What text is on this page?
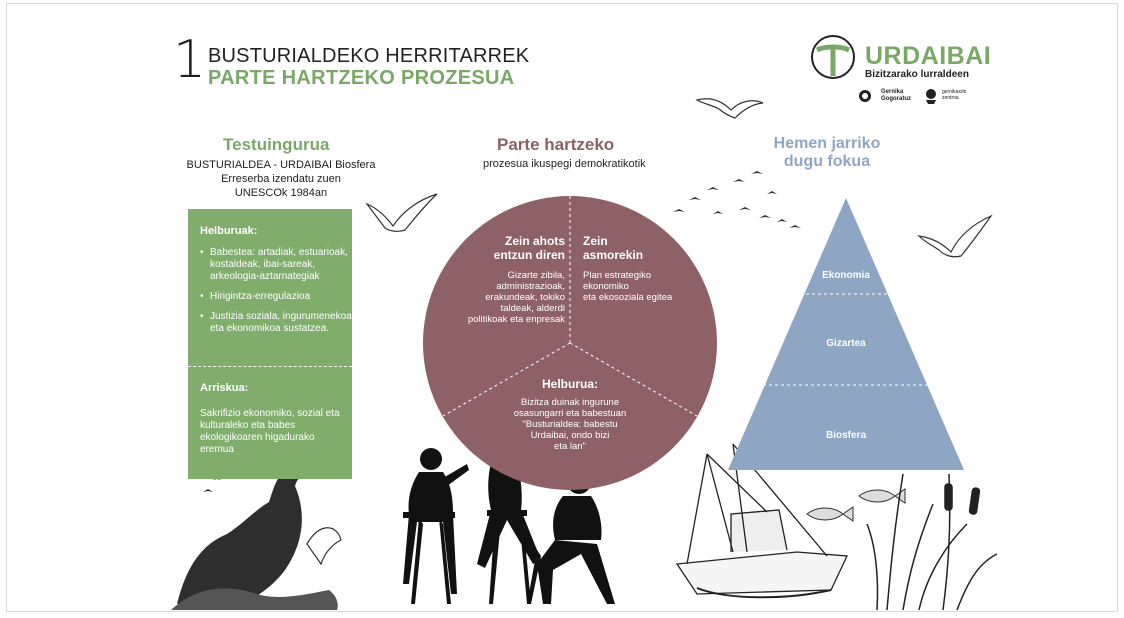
1 BUSTURIALDEKO HERRITARREK
PARTE HARTZEKO PROZESUA
URDAIBAI
Bizitzarako lurraldeen
Gernika Gogoratuz
gernikaxdo zentroa
Testuingurua
BUSTURIALDEA - URDAIBAI Biosfera
Erreserba izendatu zuen
UNESCOk 1984an
Helburuak:
• Babestea: artadiak, estuarioak, kostaldeak, ibai-sareak, arkeologia-aztarnategiak
• Hirigintza-erregulazioa
• Justizia soziala, ingurumenekoa eta ekonomikoa sustatzea.
Arriskua:
Sakrifizio ekonomiko, sozial eta kulturaleko eta babes ekologikoaren higadurako eremua
Parte hartzeko
prozesua ikuspegi demokratikotik
Zein ahots
entzun diren
Gizarte zibila,
administrazioak,
erakundeak, tokiko
taldeak, alderdi
politikoak eta enpresak
Zein
asmorekin
Plan estrategiko
ekonomiko
eta ekosoziala egitea
Helburua:
Bizitza duinak ingurune
osasungarri eta babestuan
"Busturialdea: babestu
Urdaibai, ondo bizi
eta lan"
Hemen jarriko
dugu fokua
Ekonomia
Gizartea
Biosfera
